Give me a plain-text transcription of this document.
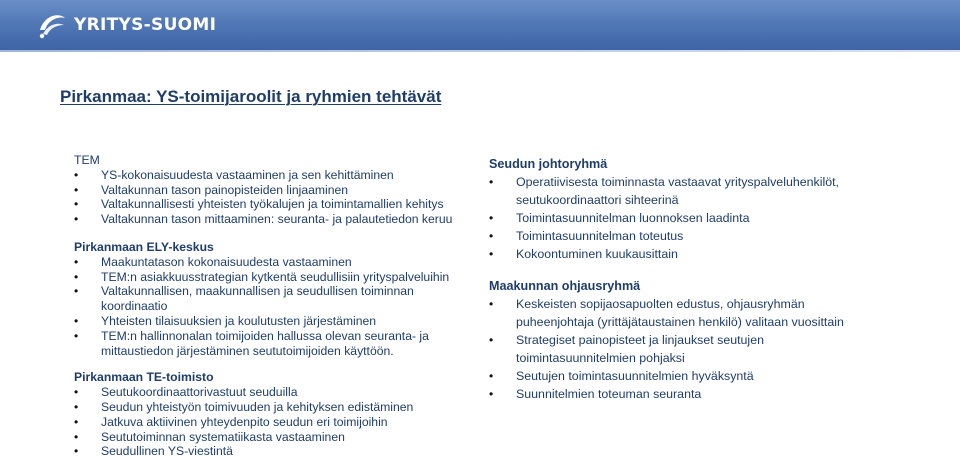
YRITYS-SUOMI
Pirkanmaa: YS-toimijaroolit ja ryhmien tehtävät
TEM
• YS-kokonaisuudesta vastaaminen ja sen kehittäminen
• Valtakunnan tason painopisteiden linjaaminen
• Valtakunnallisesti yhteisten työkalujen ja toimintamallien kehitys
• Valtakunnan tason mittaaminen: seuranta- ja palautetiedon keruu
Pirkanmaan ELY-keskus
• Maakuntatason kokonaisuudesta vastaaminen
• TEM:n asiakkuusstrategian kytkentä seudullisiin yrityspalveluihin
• Valtakunnallisen, maakunnallisen ja seudullisen toiminnan koordinaatio
• Yhteisten tilaisuuksien ja koulutusten järjestäminen
• TEM:n hallinnonalan toimijoiden hallussa olevan seuranta- ja mittaustiedon järjestäminen seututoimijoiden käyttöön.
Pirkanmaan TE-toimisto
• Seutukoordinaattorivastuut seuduilla
• Seudun yhteistyön toimivuuden ja kehityksen edistäminen
• Jatkuva aktiivinen yhteydenpito seudun eri toimijoihin
• Seututoiminnan systematiikasta vastaaminen
• Seudullinen YS-viestintä
Seudun johtoryhmä
• Operatiivisesta toiminnasta vastaavat yrityspalveluhenkilöt, seutukoordinaattori sihteerinä
• Toimintasuunnitelman luonnoksen laadinta
• Toimintasuunnitelman toteutus
• Kokoontuminen kuukausittain
Maakunnan ohjausryhmä
• Keskeisten sopijaosapuolten edustus, ohjausryhmän puheenjohtaja (yrittäjätaustainen henkilö) valitaan vuosittain
• Strategiset painopisteet ja linjaukset seutujen toimintasuunnitelmien pohjaksi
• Seutujen toimintasuunnitelmien hyväksyntä
• Suunnitelmien toteuman seuranta
